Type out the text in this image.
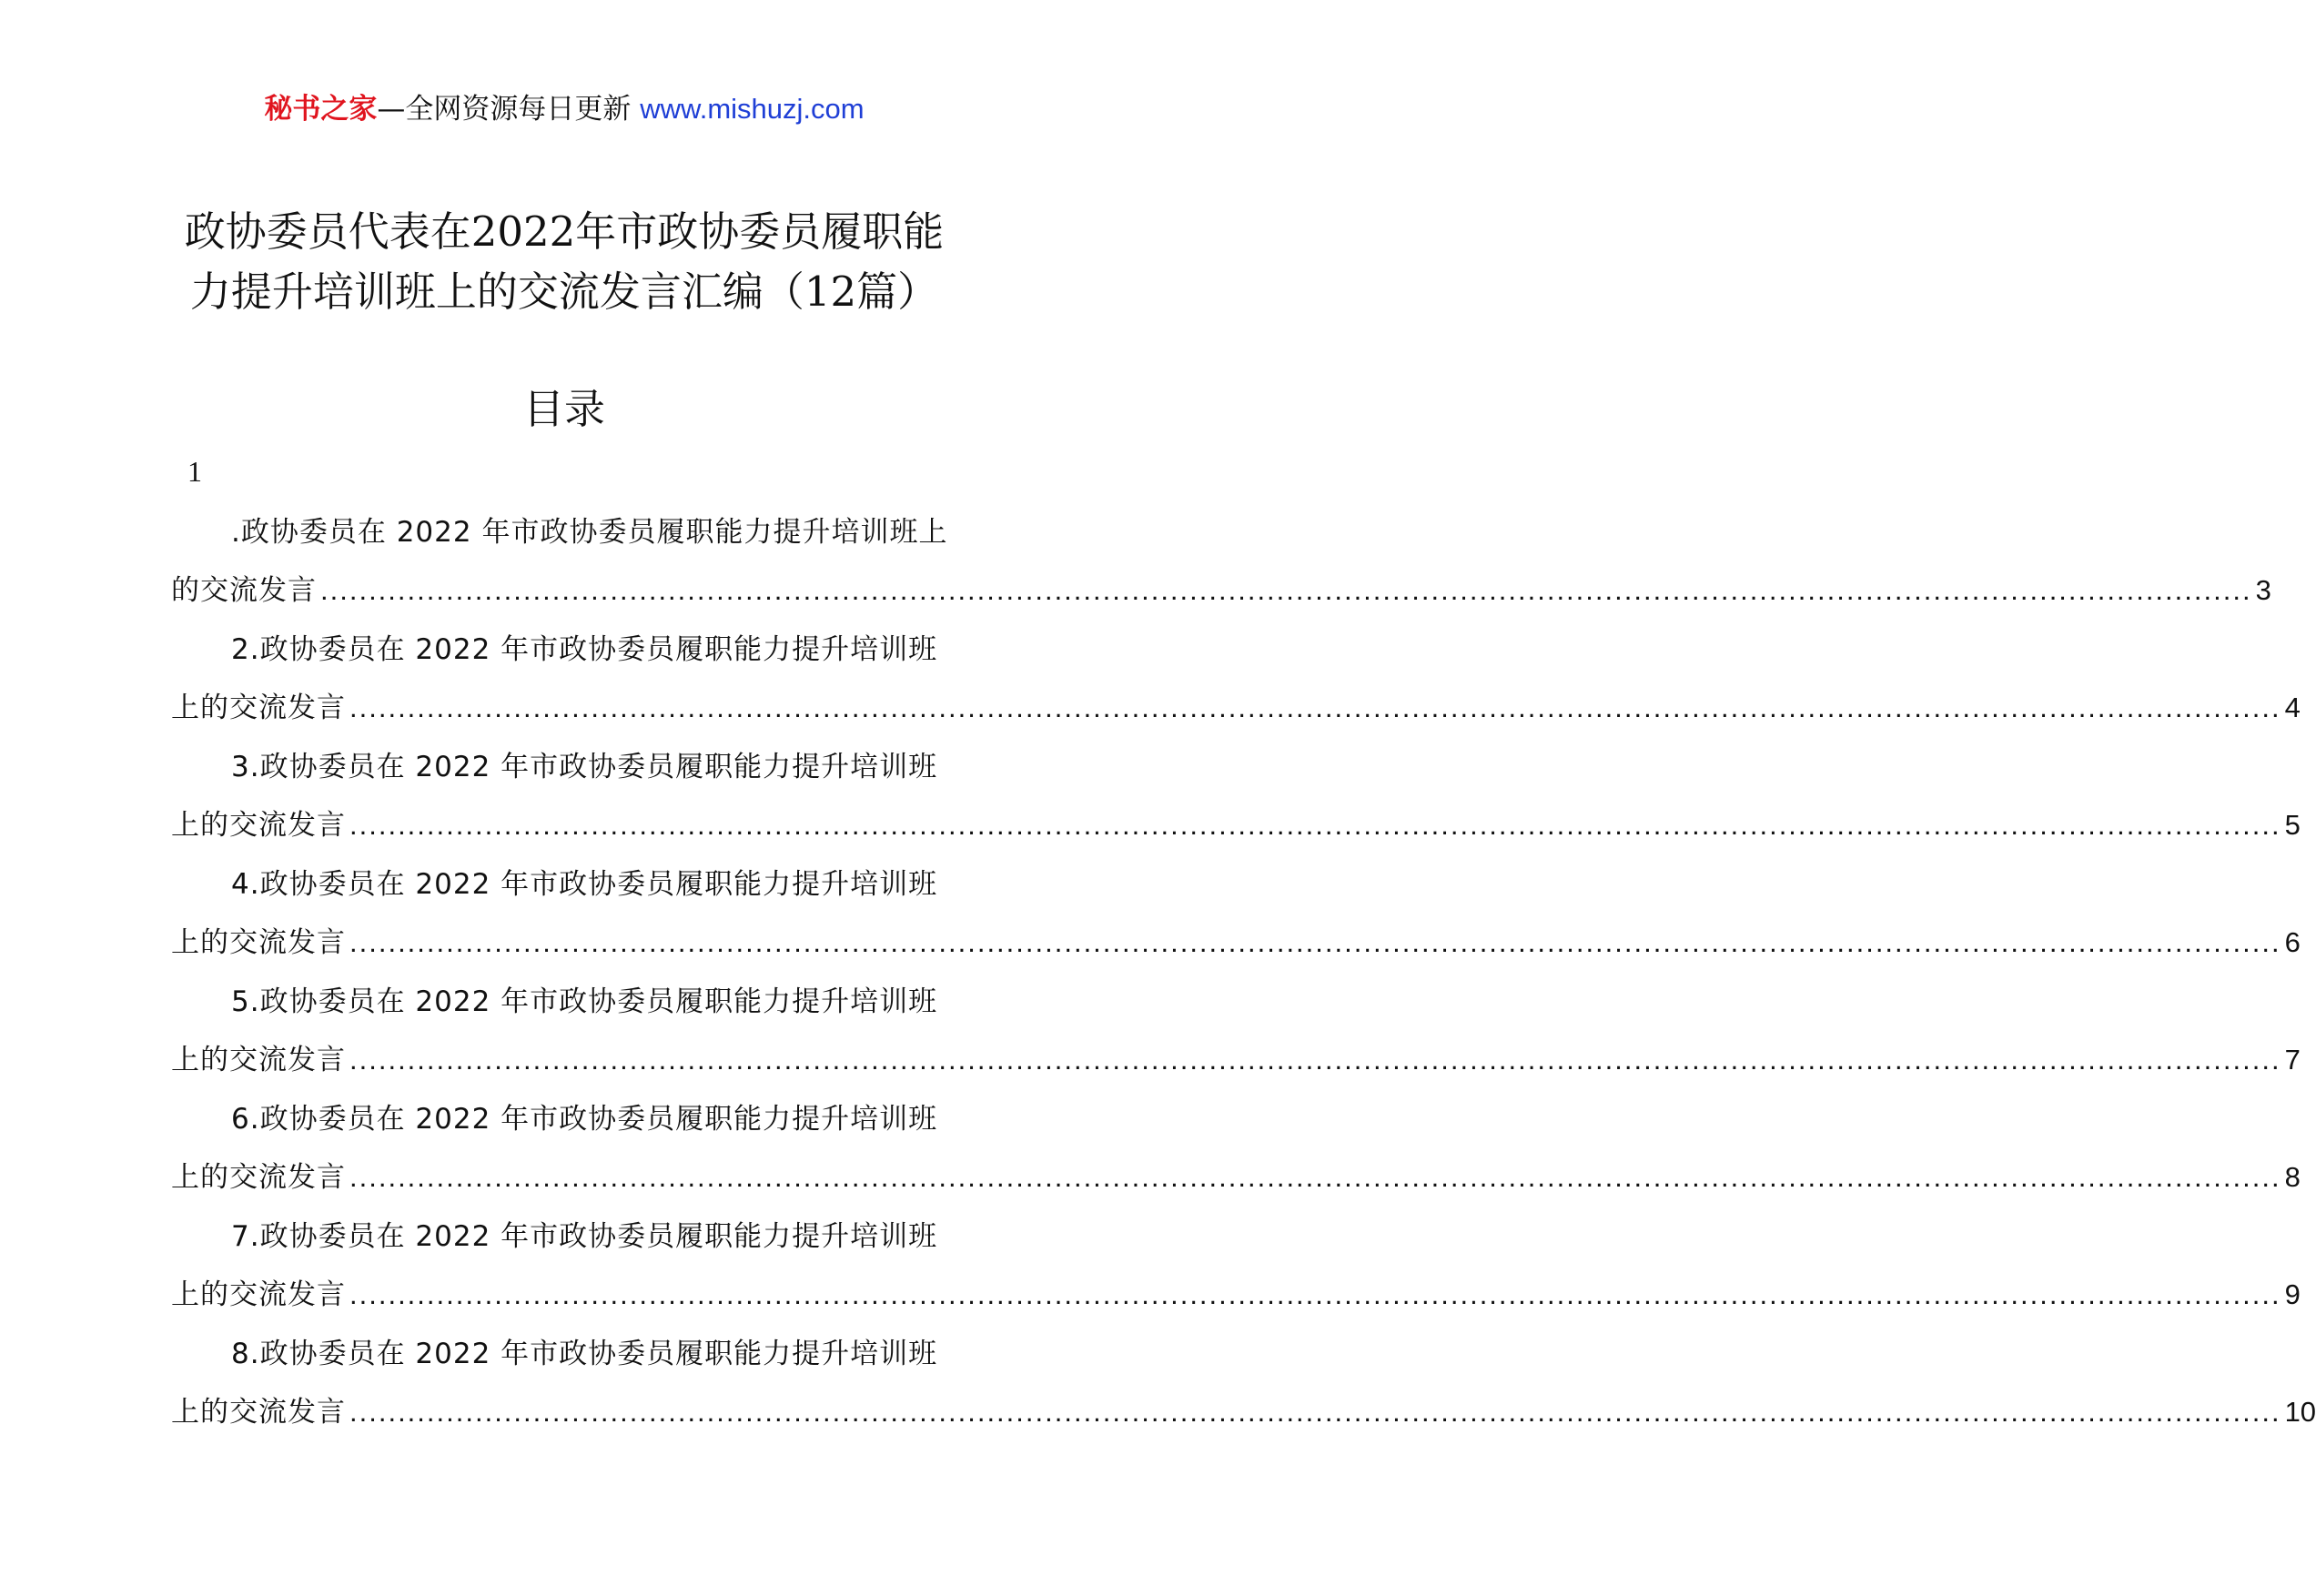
秘书之家—全网资源每日更新 www.mishuzj.com
政协委员代表在2022年市政协委员履职能
力提升培训班上的交流发言汇编（12篇）
目录
1
.政协委员在 2022 年市政协委员履职能力提升培训班上
的交流发言 ........................................................................................................................................................................................................ 3
2.政协委员在 2022 年市政协委员履职能力提升培训班
上的交流发言 ........................................................................................................................................................................................................ 4
3.政协委员在 2022 年市政协委员履职能力提升培训班
上的交流发言 ........................................................................................................................................................................................................ 5
4.政协委员在 2022 年市政协委员履职能力提升培训班
上的交流发言 ........................................................................................................................................................................................................ 6
5.政协委员在 2022 年市政协委员履职能力提升培训班
上的交流发言 ........................................................................................................................................................................................................ 7
6.政协委员在 2022 年市政协委员履职能力提升培训班
上的交流发言 ........................................................................................................................................................................................................ 8
7.政协委员在 2022 年市政协委员履职能力提升培训班
上的交流发言 ........................................................................................................................................................................................................ 9
8.政协委员在 2022 年市政协委员履职能力提升培训班
上的交流发言 ........................................................................................................................................................................................................ 10
